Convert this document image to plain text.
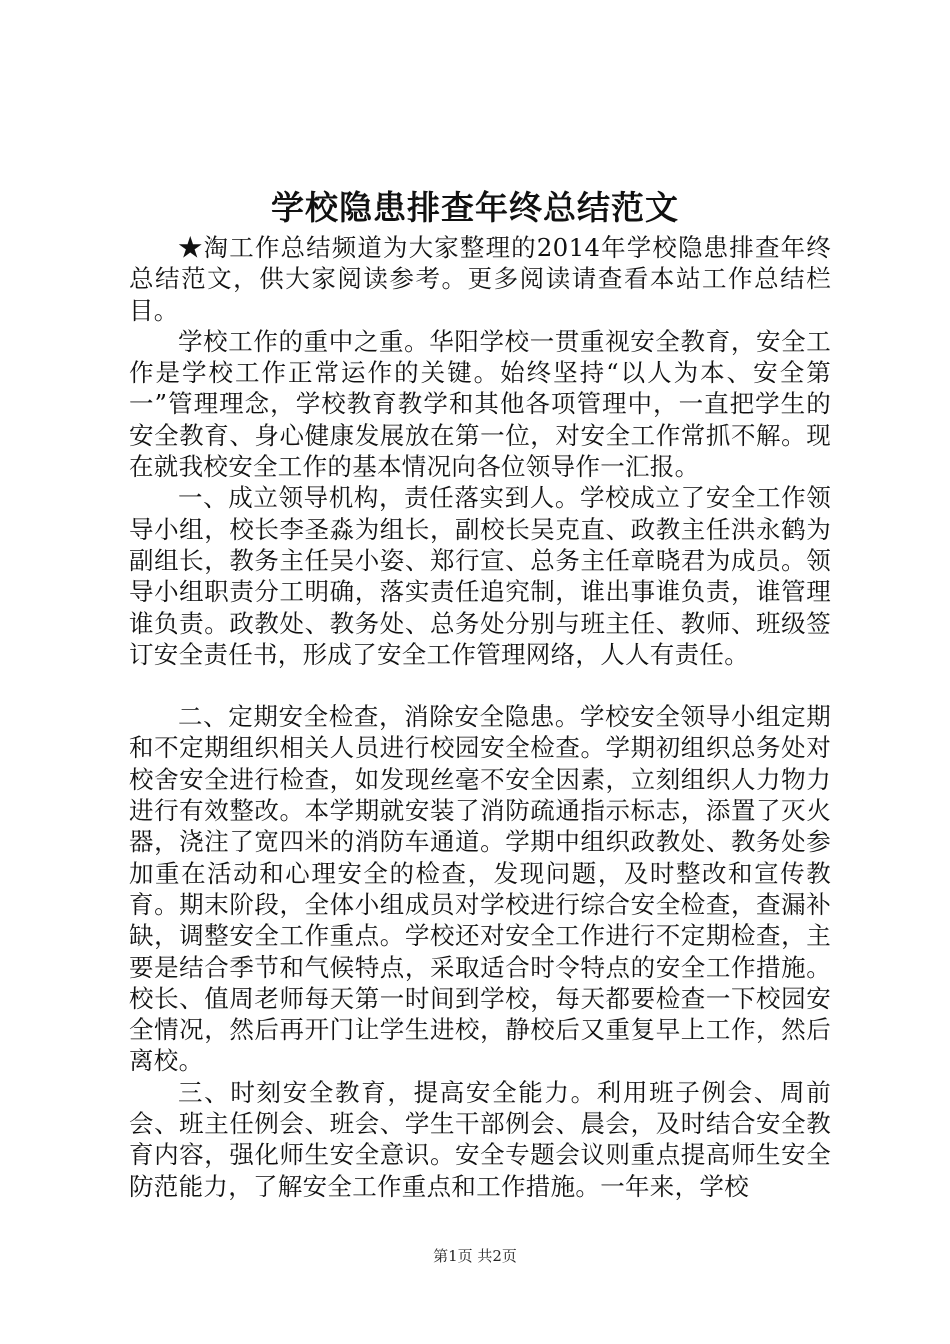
学校隐患排查年终总结范文

★淘工作总结频道为大家整理的2014年学校隐患排查年终总结范文，供大家阅读参考。更多阅读请查看本站工作总结栏目。

学校工作的重中之重。华阳学校一贯重视安全教育，安全工作是学校工作正常运作的关键。始终坚持“以人为本、安全第一”管理理念，学校教育教学和其他各项管理中，一直把学生的安全教育、身心健康发展放在第一位，对安全工作常抓不解。现在就我校安全工作的基本情况向各位领导作一汇报。

一、成立领导机构，责任落实到人。学校成立了安全工作领导小组，校长李圣淼为组长，副校长吴克直、政教主任洪永鹤为副组长，教务主任吴小姿、郑行宣、总务主任章晓君为成员。领导小组职责分工明确，落实责任追究制，谁出事谁负责，谁管理谁负责。政教处、教务处、总务处分别与班主任、教师、班级签订安全责任书，形成了安全工作管理网络，人人有责任。

二、定期安全检查，消除安全隐患。学校安全领导小组定期和不定期组织相关人员进行校园安全检查。学期初组织总务处对校舍安全进行检查，如发现丝毫不安全因素，立刻组织人力物力进行有效整改。本学期就安装了消防疏通指示标志，添置了灭火器，浇注了宽四米的消防车通道。学期中组织政教处、教务处参加重在活动和心理安全的检查，发现问题，及时整改和宣传教育。期末阶段，全体小组成员对学校进行综合安全检查，查漏补缺，调整安全工作重点。学校还对安全工作进行不定期检查，主要是结合季节和气候特点，采取适合时令特点的安全工作措施。校长、值周老师每天第一时间到学校，每天都要检查一下校园安全情况，然后再开门让学生进校，静校后又重复早上工作，然后离校。

三、时刻安全教育，提高安全能力。利用班子例会、周前会、班主任例会、班会、学生干部例会、晨会，及时结合安全教育内容，强化师生安全意识。安全专题会议则重点提高师生安全防范能力，了解安全工作重点和工作措施。一年来，学校

第1页 共2页
